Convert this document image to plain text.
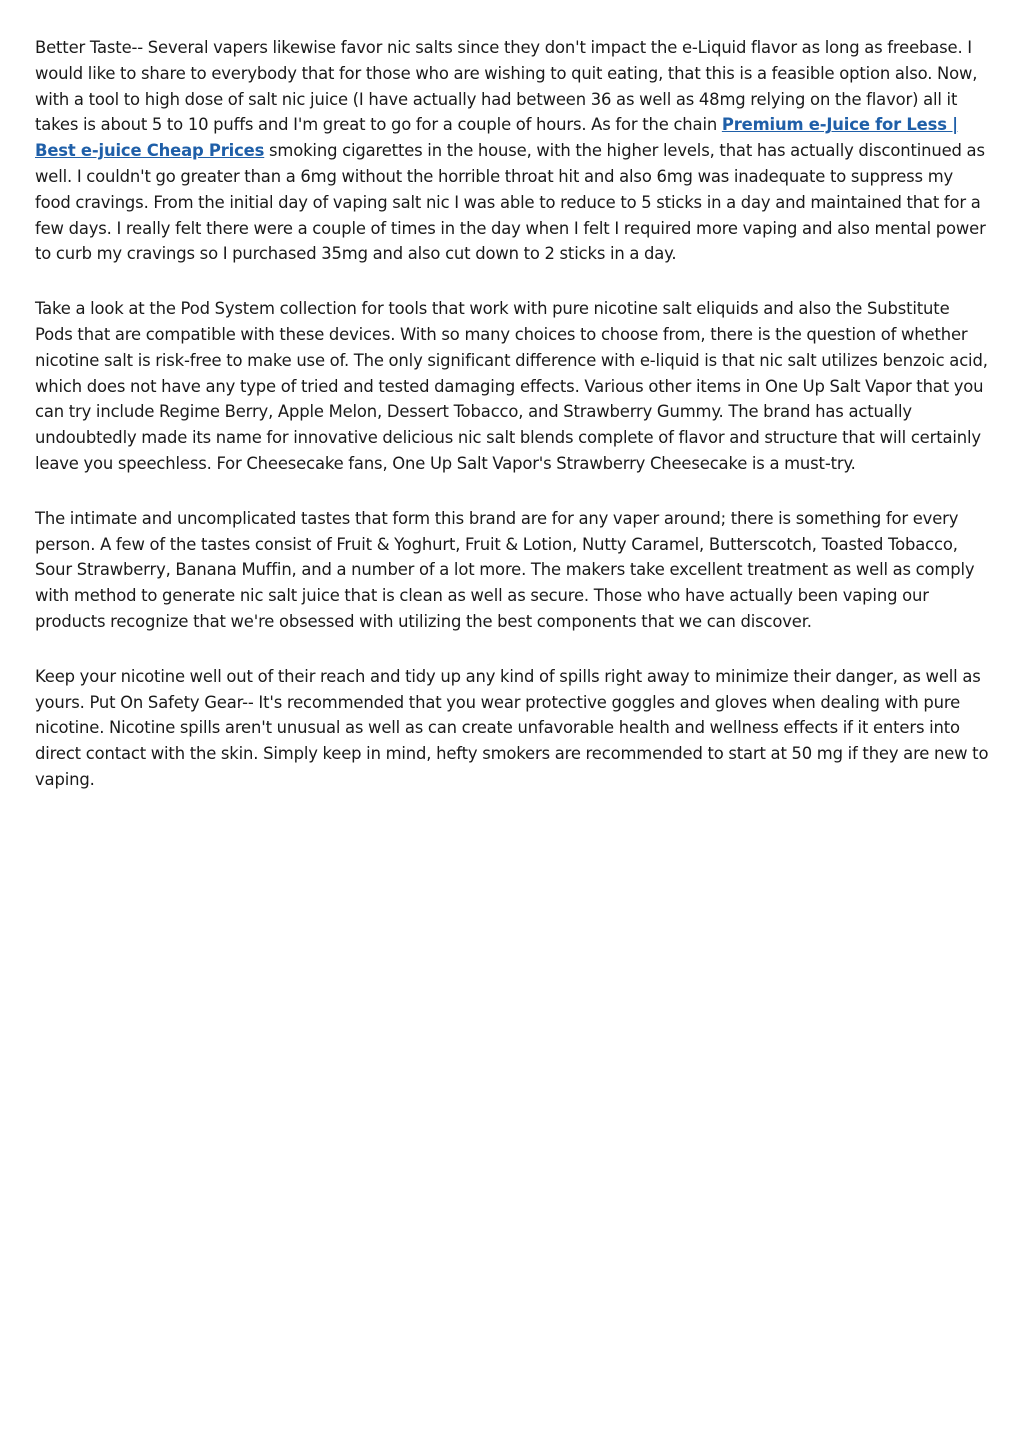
Better Taste-- Several vapers likewise favor nic salts since they don't impact the e-Liquid flavor as long as freebase. I would like to share to everybody that for those who are wishing to quit eating, that this is a feasible option also. Now, with a tool to high dose of salt nic juice (I have actually had between 36 as well as 48mg relying on the flavor) all it takes is about 5 to 10 puffs and I'm great to go for a couple of hours. As for the chain Premium e-Juice for Less | Best e-juice Cheap Prices smoking cigarettes in the house, with the higher levels, that has actually discontinued as well. I couldn't go greater than a 6mg without the horrible throat hit and also 6mg was inadequate to suppress my food cravings. From the initial day of vaping salt nic I was able to reduce to 5 sticks in a day and maintained that for a few days. I really felt there were a couple of times in the day when I felt I required more vaping and also mental power to curb my cravings so I purchased 35mg and also cut down to 2 sticks in a day.

Take a look at the Pod System collection for tools that work with pure nicotine salt eliquids and also the Substitute Pods that are compatible with these devices. With so many choices to choose from, there is the question of whether nicotine salt is risk-free to make use of. The only significant difference with e-liquid is that nic salt utilizes benzoic acid, which does not have any type of tried and tested damaging effects. Various other items in One Up Salt Vapor that you can try include Regime Berry, Apple Melon, Dessert Tobacco, and Strawberry Gummy. The brand has actually undoubtedly made its name for innovative delicious nic salt blends complete of flavor and structure that will certainly leave you speechless. For Cheesecake fans, One Up Salt Vapor's Strawberry Cheesecake is a must-try.

The intimate and uncomplicated tastes that form this brand are for any vaper around; there is something for every person. A few of the tastes consist of Fruit & Yoghurt, Fruit & Lotion, Nutty Caramel, Butterscotch, Toasted Tobacco, Sour Strawberry, Banana Muffin, and a number of a lot more. The makers take excellent treatment as well as comply with method to generate nic salt juice that is clean as well as secure. Those who have actually been vaping our products recognize that we're obsessed with utilizing the best components that we can discover.

Keep your nicotine well out of their reach and tidy up any kind of spills right away to minimize their danger, as well as yours. Put On Safety Gear-- It's recommended that you wear protective goggles and gloves when dealing with pure nicotine. Nicotine spills aren't unusual as well as can create unfavorable health and wellness effects if it enters into direct contact with the skin. Simply keep in mind, hefty smokers are recommended to start at 50 mg if they are new to vaping.
